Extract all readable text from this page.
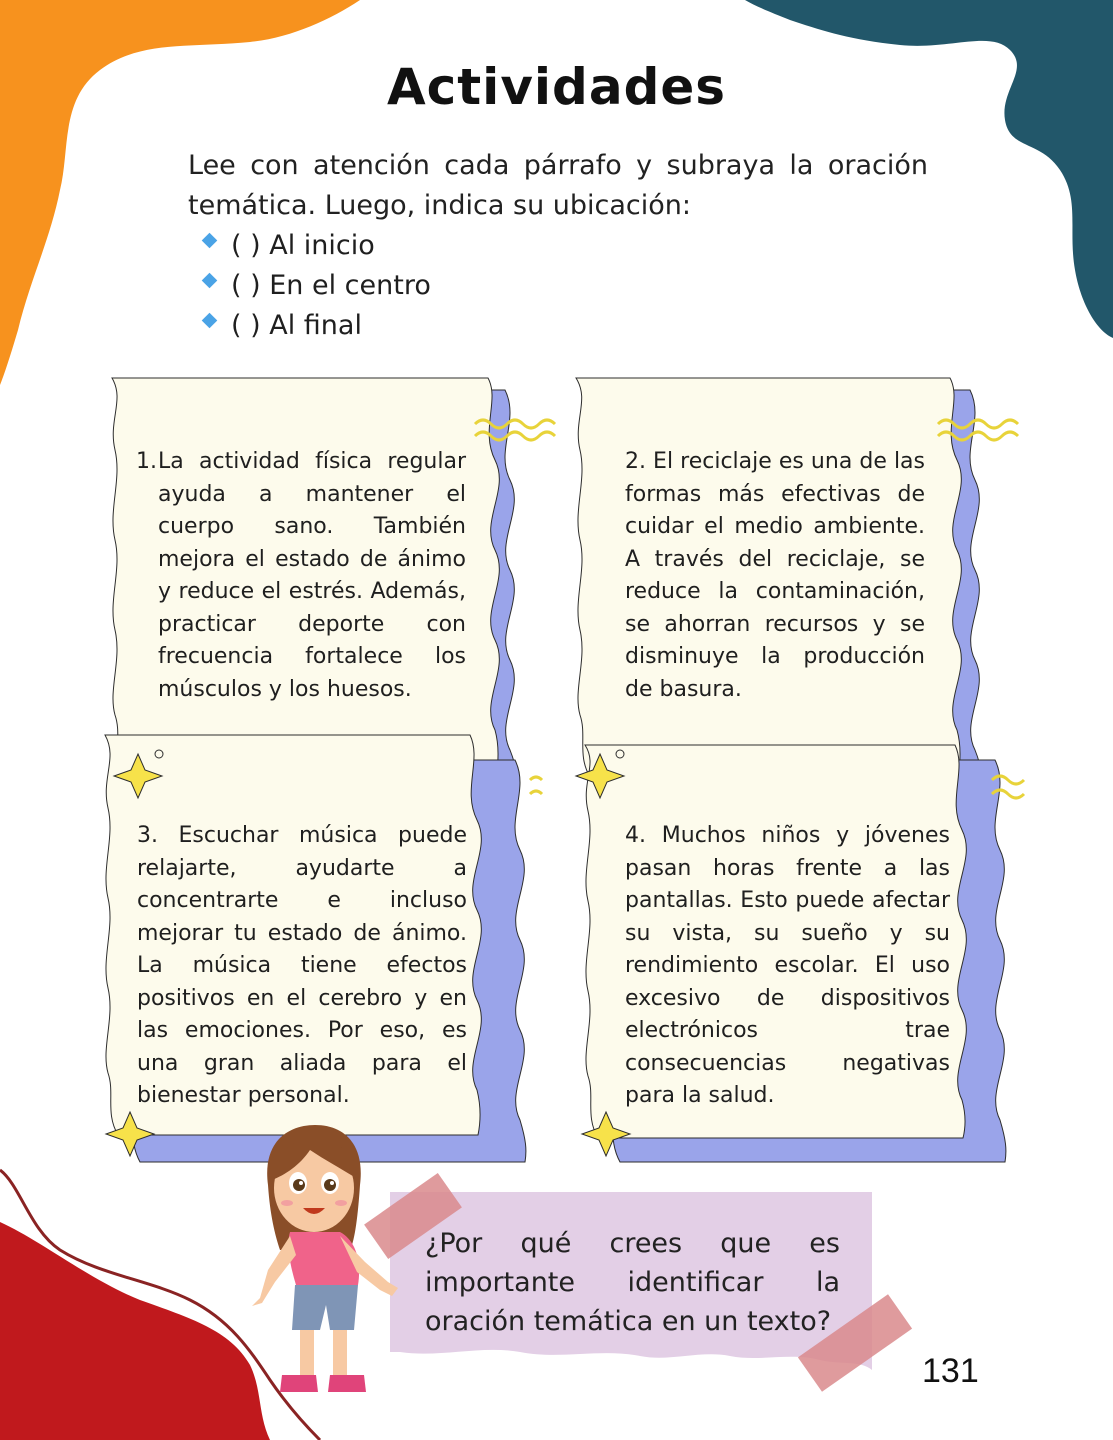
Actividades
Lee con atención cada párrafo y subraya la oración temática. Luego, indica su ubicación:
( ) Al inicio
( ) En el centro
( ) Al final
1. La actividad física regular ayuda a mantener el cuerpo sano. También mejora el estado de ánimo y reduce el estrés. Además, practicar deporte con frecuencia fortalece los músculos y los huesos.
2. El reciclaje es una de las formas más efectivas de cuidar el medio ambiente. A través del reciclaje, se reduce la contaminación, se ahorran recursos y se disminuye la producción de basura.
3. Escuchar música puede relajarte, ayudarte a concentrarte e incluso mejorar tu estado de ánimo. La música tiene efectos positivos en el cerebro y en las emociones. Por eso, es una gran aliada para el bienestar personal.
4. Muchos niños y jóvenes pasan horas frente a las pantallas. Esto puede afectar su vista, su sueño y su rendimiento escolar. El uso excesivo de dispositivos electrónicos trae consecuencias negativas para la salud.
¿Por qué crees que es
importante identificar la
oración temática en un texto?
131
